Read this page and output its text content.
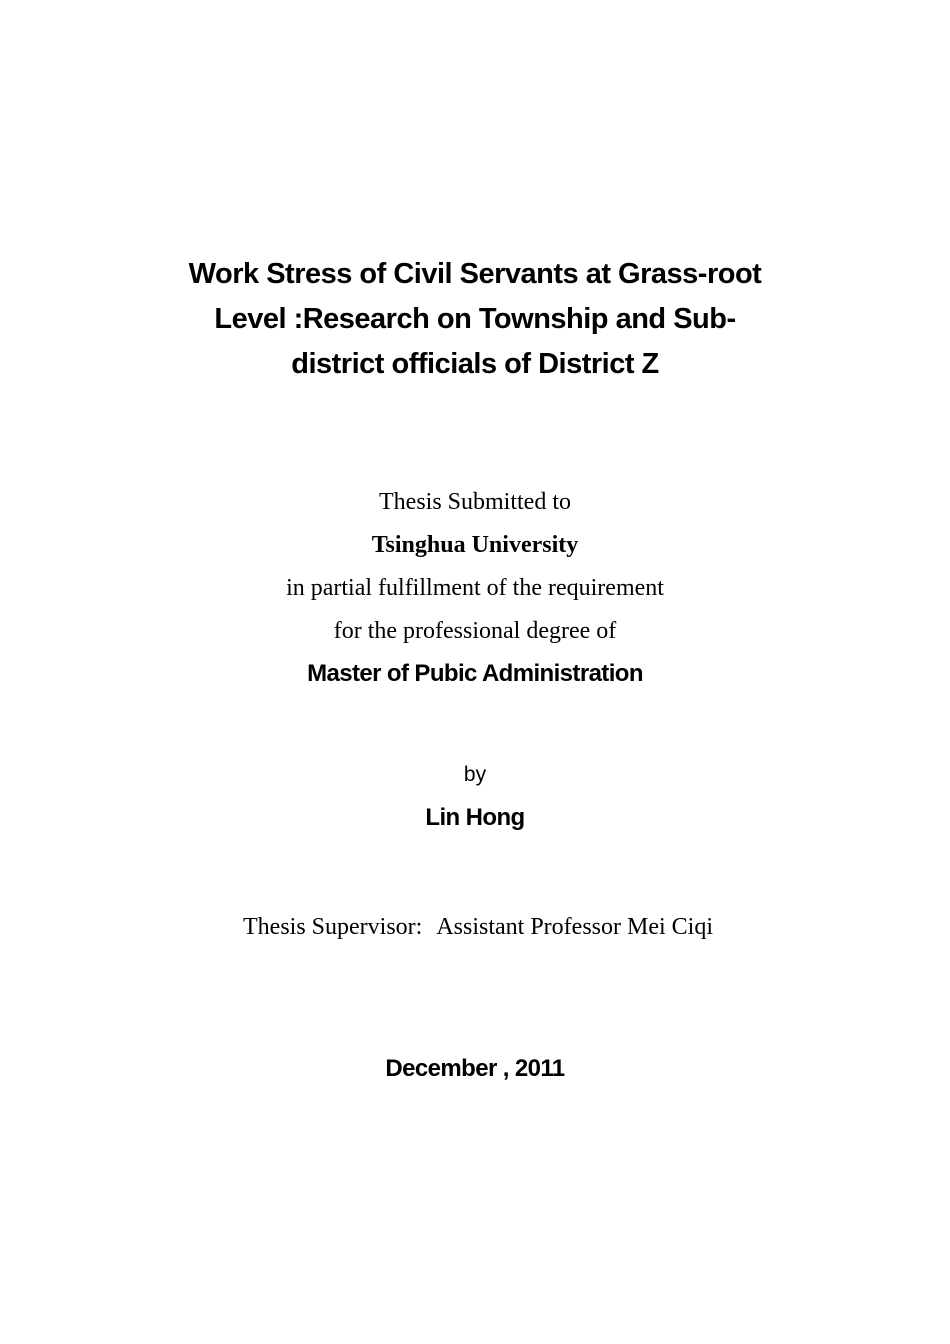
Work Stress of Civil Servants at Grass-root
Level :Research on Township and Sub-
district officials of District Z
Thesis Submitted to
Tsinghua University
in partial fulfillment of the requirement
for the professional degree of
Master of Pubic Administration
by
Lin Hong
Thesis Supervisor: Assistant Professor Mei Ciqi
December , 2011
